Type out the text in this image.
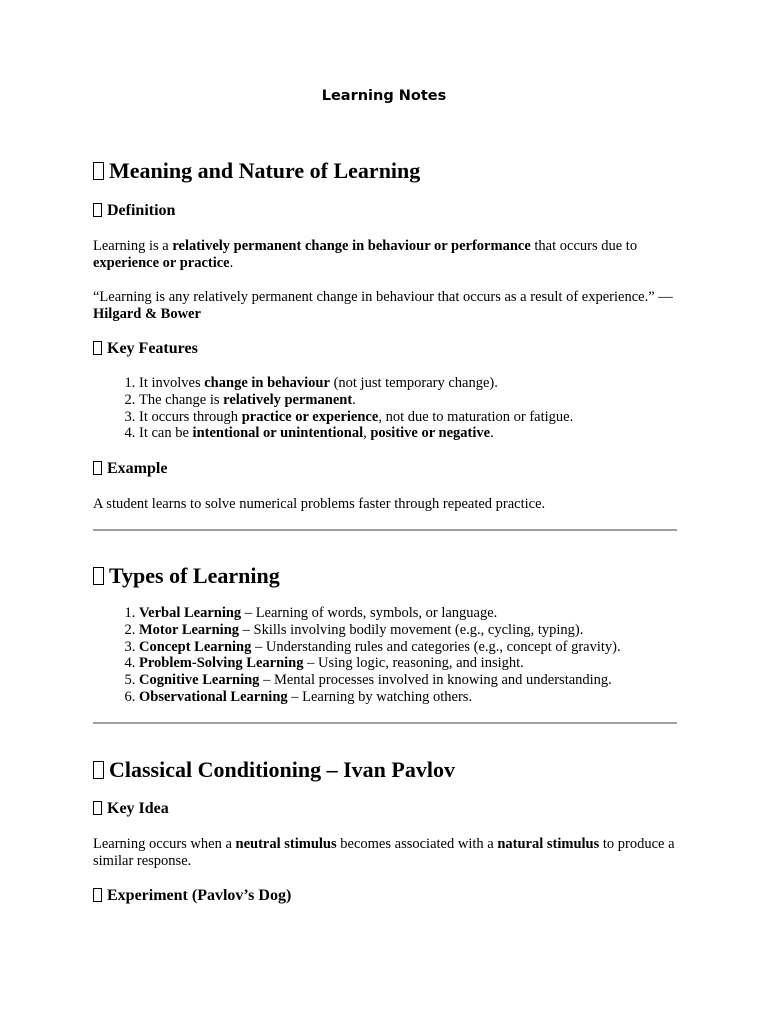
Learning Notes
Meaning and Nature of Learning
Definition

Learning is a relatively permanent change in behaviour or performance that occurs due to
experience or practice.

“Learning is any relatively permanent change in behaviour that occurs as a result of experience.” — Hilgard & Bower

Key Features
1. It involves change in behaviour (not just temporary change).
2. The change is relatively permanent.
3. It occurs through practice or experience, not due to maturation or fatigue.
4. It can be intentional or unintentional, positive or negative.
Example

A student learns to solve numerical problems faster through repeated practice.

Types of Learning
1. Verbal Learning – Learning of words, symbols, or language.
2. Motor Learning – Skills involving bodily movement (e.g., cycling, typing).
3. Concept Learning – Understanding rules and categories (e.g., concept of gravity).
4. Problem-Solving Learning – Using logic, reasoning, and insight.
5. Cognitive Learning – Mental processes involved in knowing and understanding.
6. Observational Learning – Learning by watching others.
Classical Conditioning – Ivan Pavlov
Key Idea

Learning occurs when a neutral stimulus becomes associated with a natural stimulus to produce a similar response.

Experiment (Pavlov’s Dog)
